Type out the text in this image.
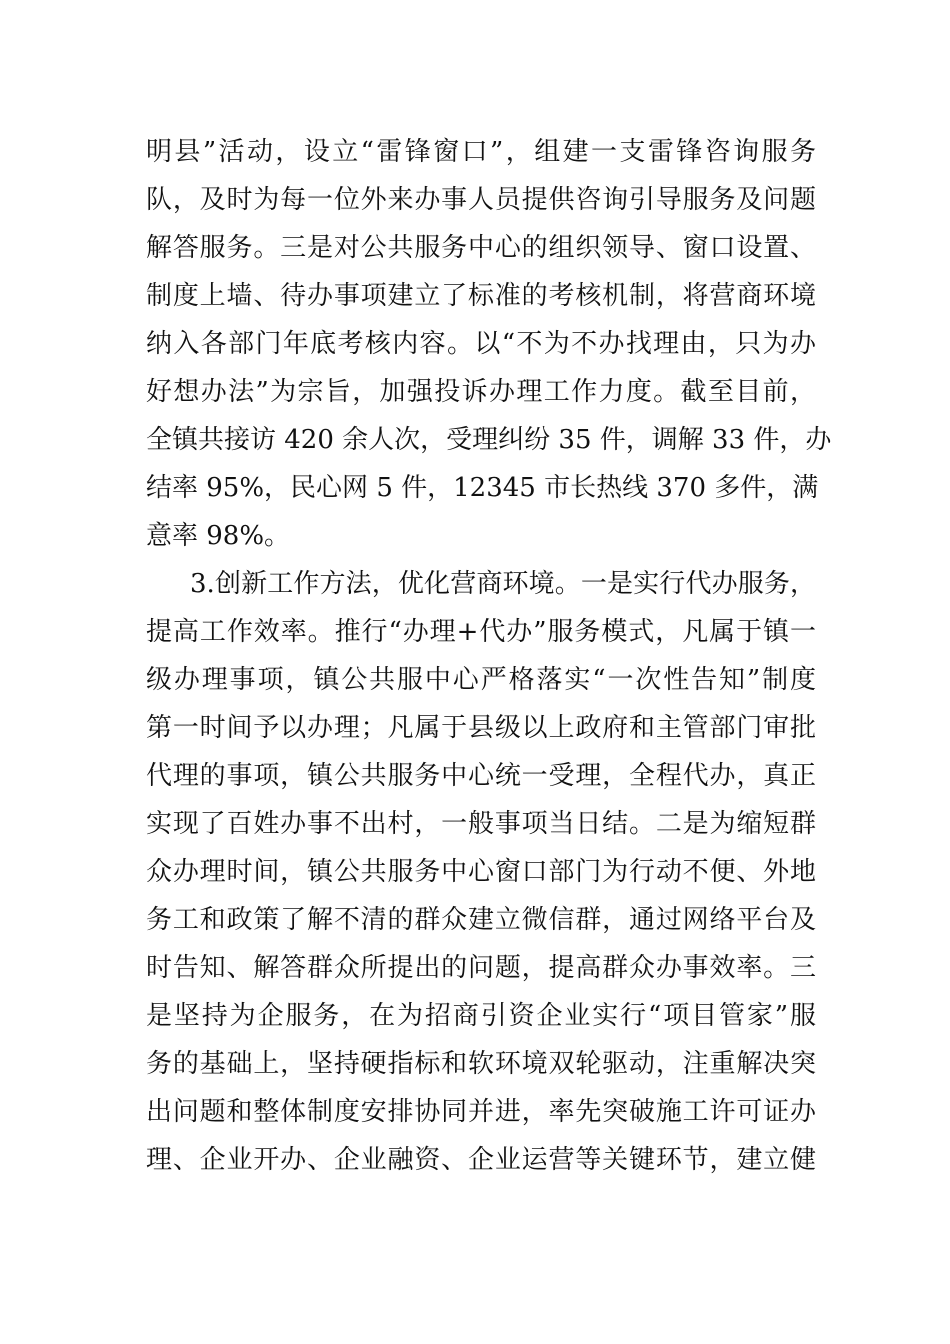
明县”活动，设立“雷锋窗口”，组建一支雷锋咨询服务
队，及时为每一位外来办事人员提供咨询引导服务及问题
解答服务。三是对公共服务中心的组织领导、窗口设置、
制度上墙、待办事项建立了标准的考核机制，将营商环境
纳入各部门年底考核内容。以“不为不办找理由，只为办
好想办法”为宗旨，加强投诉办理工作力度。截至目前，
全镇共接访 420 余人次，受理纠纷 35 件，调解 33 件，办
结率 95%，民心网 5 件，12345 市长热线 370 多件，满
意率 98%。
3.创新工作方法，优化营商环境。一是实行代办服务，
提高工作效率。推行“办理+代办”服务模式，凡属于镇一
级办理事项，镇公共服中心严格落实“一次性告知”制度
第一时间予以办理；凡属于县级以上政府和主管部门审批
代理的事项，镇公共服务中心统一受理，全程代办，真正
实现了百姓办事不出村，一般事项当日结。二是为缩短群
众办理时间，镇公共服务中心窗口部门为行动不便、外地
务工和政策了解不清的群众建立微信群，通过网络平台及
时告知、解答群众所提出的问题，提高群众办事效率。三
是坚持为企服务，在为招商引资企业实行“项目管家”服
务的基础上，坚持硬指标和软环境双轮驱动，注重解决突
出问题和整体制度安排协同并进，率先突破施工许可证办
理、企业开办、企业融资、企业运营等关键环节，建立健
